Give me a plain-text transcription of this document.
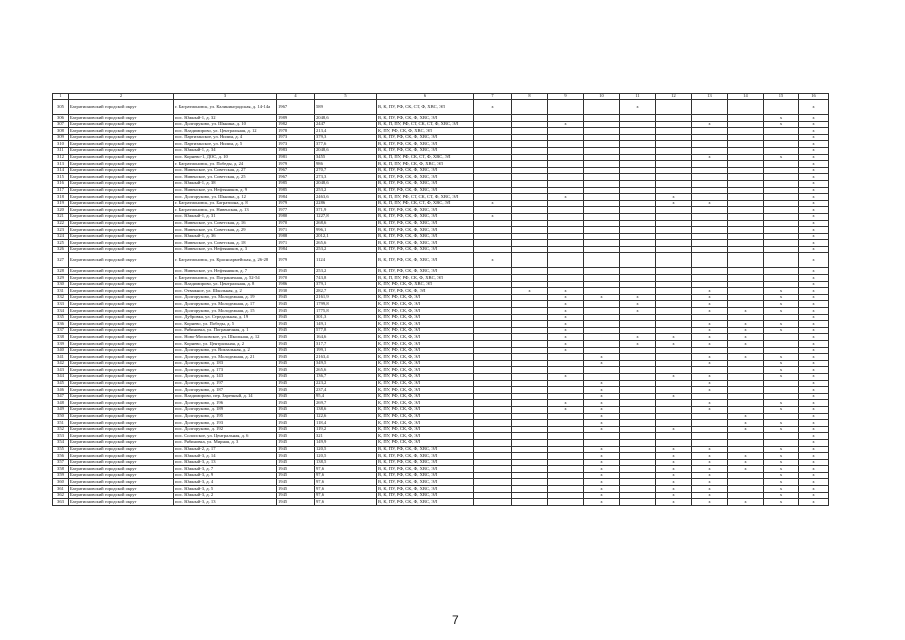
1	2	3	4	5	6	7	8	9	10	11	12	13	14	15	16
305	Багратионовский городской округ	г. Багратионовск, ул. Калининградская, д. 14-14а	1967	589	В, К, ПУ, РФ, СК, СТ, Ф, ХВС, ЭЛ	x				x					x
306	Багратионовский городской округ	пос. Южный-1, д. 32	1989	2048,6	В, К, ПУ, РФ, СК, Ф, ХВС, ЭЛ									x	x
307	Багратионовский городской округ	пос. Долгоруково, ул. Шкнина, д. 10	1982	2447	В, К, П, ПУ, РФ, СТ, СК, СТ, Ф, ХВС, ЭЛ			x				x		x	x
308	Багратионовский городской округ	пос. Владимирово, ул. Центральная, д. 12	1978	213,4	К, ПУ, РФ, СК, Ф, ХВС, ЭЛ										x
309	Багратионовский городской округ	пос. Партизанское, ул. Нилин, д. 4	1973	379,3	В, К, ПУ, РФ, СК, Ф, ХВС, ЭЛ										x
310	Багратионовский городской округ	пос. Партизанское, ул. Нилин, д. 5	1973	377,6	В, К, ПУ, РФ, СК, Ф, ХВС, ЭЛ										x
311	Багратионовский городской округ	пос. Южный-1, д. 34	1983	2048,6	В, К, ПУ, РФ, СК, Ф, ХВС, ЭЛ										x
312	Багратионовский городской округ	пос. Корнево-1, ДОС, д. 10	1981	3455	В, К, П, ПУ, РФ, СК, СТ, Ф, ХВС, ЭЛ							x		x	x
313	Багратионовский городской округ	г. Багратионовск, ул. Победы, д. 24	1979	986	В, К, П, ПУ, РФ, СК, Ф, ХВС, ЭЛ										x
314	Багратионовский городской округ	пос. Нивенское, ул. Советская, д. 27	1967	270,7	В, К, ПУ, РФ, СК, Ф, ХВС, ЭЛ										x
315	Багратионовский городской округ	пос. Нивенское, ул. Советская, д. 25	1967	273,3	В, К, ПУ, РФ, СК, Ф, ХВС, ЭЛ										x
316	Багратионовский городской округ	пос. Южный-1, д. 38	1985	2048,6	В, К, ПУ, РФ, СК, Ф, ХВС, ЭЛ										x
317	Багратионовский городской округ	пос. Нивенское, ул. Нефтяников, д. 9	1985	253,2	В, К, ПУ, РФ, СК, Ф, ХВС, ЭЛ										x
318	Багратионовский городской округ	пос. Долгоруково, ул. Шкнина, д. 12	1984	2463,6	В, К, П, ПУ, РФ, СТ, СК, СТ, Ф, ХВС, ЭЛ			x			x				x
319	Багратионовский городской округ	г. Багратионовск, ул. Багратиона, д. 8	1979	2286	В, К, П, ПУ, РФ, СК, СТ, Ф, ХВС, ЭЛ	x					x	x			x
320	Багратионовский городской округ	г. Багратионовск, ул. Нивенская, д. 13	1977	371,9	В, К, ПУ, РФ, СК, Ф, ХВС, ЭЛ										x
321	Багратионовский городской округ	пос. Южный-1, д. 31	1980	1227,8	В, К, ПУ, РФ, СК, Ф, ХВС, ЭЛ	x									x
322	Багратионовский городской округ	пос. Нивенское, ул. Советская, д. 16	1970	268,6	В, К, ПУ, РФ, СК, Ф, ХВС, ЭЛ										x
323	Багратионовский городской округ	пос. Нивенское, ул. Советская, д. 29	1971	996,1	В, К, ПУ, РФ, СК, Ф, ХВС, ЭЛ										x
324	Багратионовский городской округ	пос. Южный-1, д. 36	1988	2012,1	В, К, ПУ, РФ, СК, Ф, ХВС, ЭЛ										x
325	Багратионовский городской округ	пос. Нивенское, ул. Советская, д. 18	1971	265,6	В, К, ПУ, РФ, СК, Ф, ХВС, ЭЛ										x
326	Багратионовский городской округ	пос. Нивенское, ул. Нефтяников, д. 3	1984	253,2	В, К, ПУ, РФ, СК, Ф, ХВС, ЭЛ										x
327	Багратионовский городской округ	г. Багратионовск, ул. Красноармейская, д. 26-28	1979	1124	В, К, ПУ, РФ, СК, Ф, ХВС, ЭЛ	x									x
328	Багратионовский городской округ	пос. Нивенское, ул. Нефтяников, д. 7	1945	253,2	В, К, ПУ, РФ, СК, Ф, ХВС, ЭЛ										x
329	Багратионовский городской округ	г. Багратионовск, ул. Пограничная, д. 52-54	1970	743,8	В, К, П, ПУ, РФ, СК, Ф, ХВС, ЭЛ										x
330	Багратионовский городской округ	пос. Владимирово, ул. Центральная, д. 8	1986	379,1	К, ПУ, РФ, СК, Ф, ХВС, ЭЛ										x
331	Багратионовский городской округ	пос. Отважное, ул. Школьная, д. 2	1930	282,7	В, К, ПУ, РФ, СК, Ф, ЭЛ		x	x				x		x	x
332	Багратионовский городской округ	пос. Долгоруково, ул. Молодежная, д. 19	1945	2161,9	К, ПУ, РФ, СК, Ф, ЭЛ			x	x	x		x		x	x
333	Багратионовский городской округ	пос. Долгоруково, ул. Молодежная, д. 17	1945	1799,8	К, ПУ, РФ, СК, Ф, ЭЛ			x		x		x		x	x
334	Багратионовский городской округ	пос. Долгоруково, ул. Молодежная, д. 15	1945	1775,8	К, ПУ, РФ, СК, Ф, ЭЛ			x		x		x	x	x	x
335	Багратионовский городской округ	пос. Дубровка, ул. Стредальная, д. 19	1945	301,3	К, ПУ, РФ, СК, Ф, ЭЛ			x							x
336	Багратионовский городской округ	пос. Корнево, ул. Победы, д. 5	1945	149,1	К, ПУ, РФ, СК, Ф, ЭЛ			x				x	x	x	x
337	Багратионовский городской округ	пос. Рябиновка, ул. Пограничная, д. 1	1945	577,8	К, ПУ, РФ, СК, Ф, ЭЛ			x				x	x	x	x
338	Багратионовский городской округ	пос. Ново-Московское, ул. Школьная, д. 12	1945	164,6	К, ПУ, РФ, СК, Ф, ЭЛ			x		x	x	x	x		x
339	Багратионовский городской округ	пос. Корнево, ул. Центральная, д. 2	1945	317,7	К, ПУ, РФ, СК, Ф, ЭЛ			x		x	x	x	x		x
340	Багратионовский городской округ	пос. Долгоруково, ул. Вокзальная, д. 2	1945	199,1	К, ПУ, РФ, СК, Ф, ЭЛ			x							x
341	Багратионовский городской округ	пос. Долгоруково, ул. Молодежная, д. 21	1945	2163,4	К, ПУ, РФ, СК, Ф, ЭЛ				x			x	x	x	x
342	Багратионовский городской округ	пос. Долгоруково, д. 183	1945	349,5	К, ПУ, РФ, СК, Ф, ЭЛ				x			x		x	x
343	Багратионовский городской округ	пос. Долгоруково, д. 173	1945	265,6	К, ПУ, РФ, СК, Ф, ЭЛ									x	x
344	Багратионовский городской округ	пос. Долгоруково, д. 143	1945	136,7	К, ПУ, РФ, СК, Ф, ЭЛ			x			x	x		x	x
345	Багратионовский городской округ	пос. Долгоруково, д. 197	1945	223,2	К, ПУ, РФ, СК, Ф, ЭЛ				x			x			x
346	Багратионовский городской округ	пос. Долгоруково, д. 187	1945	237,4	К, ПУ, РФ, СК, Ф, ЭЛ				x			x			x
347	Багратионовский городской округ	пос. Владимирово, пер. Заречный, д. 14	1945	95,4	К, ПУ, РФ, СК, Ф, ЭЛ				x		x				x
348	Багратионовский городской округ	пос. Долгоруково, д. 196	1945	269,7	К, ПУ, РФ, СК, Ф, ЭЛ			x	x			x		x	x
349	Багратионовский городской округ	пос. Долгоруково, д. 189	1945	138,6	К, ПУ, РФ, СК, Ф, ЭЛ			x	x			x		x	x
350	Багратионовский городской округ	пос. Долгоруково, д. 195	1945	122,6	К, ПУ, РФ, СК, Ф, ЭЛ				x				x		x
351	Багратионовский городской округ	пос. Долгоруково, д. 193	1945	118,4	К, ПУ, РФ, СК, Ф, ЭЛ				x				x	x	x
352	Багратионовский городской округ	пос. Долгоруково, д. 192	1945	119,2	К, ПУ, РФ, СК, Ф, ЭЛ				x		x		x	x	x
353	Багратионовский городской округ	пос. Солопское, ул. Центральная, д. 6	1945	321	К, ПУ, РФ, СК, Ф, ЭЛ										x
354	Багратионовский городской округ	пос. Рябиновка, ул. Мирная, д. 3	1945	149,9	К, ПУ, РФ, СК, Ф, ЭЛ										x
355	Багратионовский городской округ	пос. Южный-2, д. 17	1945	120,5	В, К, ПУ, РФ, СК, Ф, ХВС, ЭЛ				x		x	x		x	x
356	Багратионовский городской округ	пос. Южный-3, д. 14	1945	120,5	В, К, ПУ, РФ, СК, Ф, ХВС, ЭЛ				x		x	x	x	x	x
357	Багратионовский городской округ	пос. Южный-3, д. 13	1945	138,5	В, К, ПУ, РФ, СК, Ф, ХВС, ЭЛ				x		x	x	x	x	x
358	Багратионовский городской округ	пос. Южный-3, д. 7	1945	97,6	В, К, ПУ, РФ, СК, Ф, ХВС, ЭЛ				x		x	x	x	x	x
359	Багратионовский городской округ	пос. Южный-3, д. 9	1945	97,6	В, К, ПУ, РФ, СК, Ф, ХВС, ЭЛ				x		x	x		x	x
360	Багратионовский городской округ	пос. Южный-3, д. 4	1945	97,6	В, К, ПУ, РФ, СК, Ф, ХВС, ЭЛ				x		x	x		x	x
361	Багратионовский городской округ	пос. Южный-3, д. 5	1945	97,6	В, К, ПУ, РФ, СК, Ф, ХВС, ЭЛ				x		x	x		x	x
362	Багратионовский городской округ	пос. Южный-3, д. 2	1945	97,6	В, К, ПУ, РФ, СК, Ф, ХВС, ЭЛ				x		x	x		x	x
363	Багратионовский городской округ	пос. Южный-3, д. 13	1945	97,6	В, К, ПУ, РФ, СК, Ф, ХВС, ЭЛ				x		x	x	x	x	x
7
